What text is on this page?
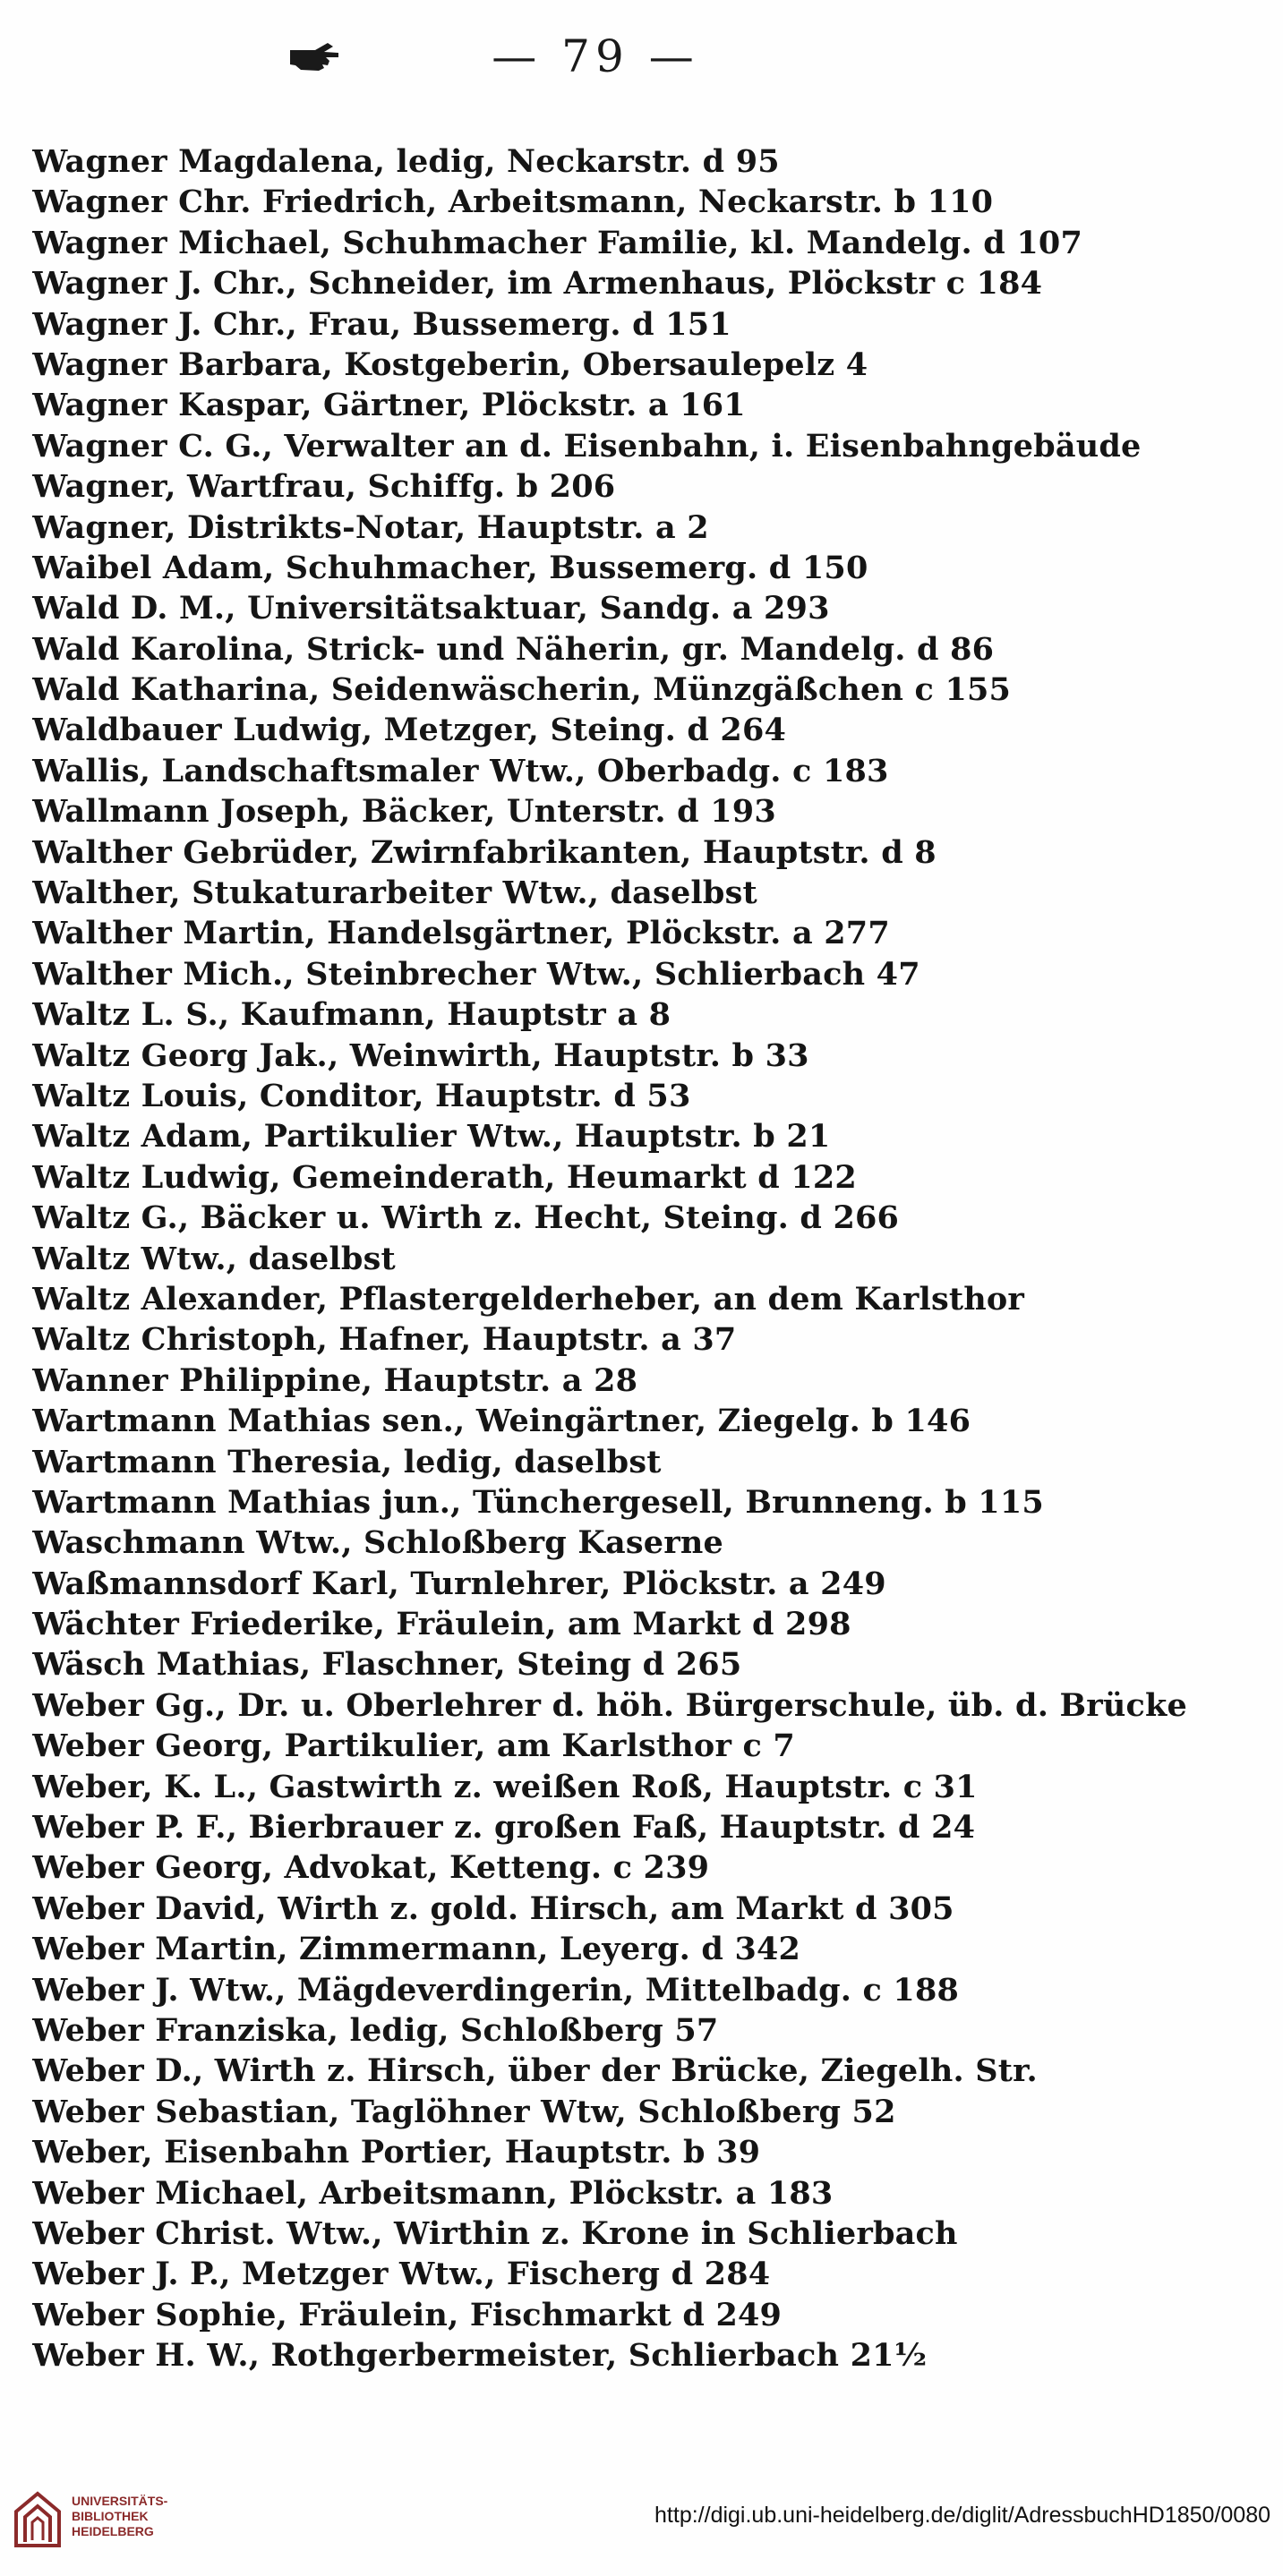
— 79 —
Wagner Magdalena, ledig, Neckarstr. d 95
Wagner Chr. Friedrich, Arbeitsmann, Neckarstr. b 110
Wagner Michael, Schuhmacher Familie, kl. Mandelg. d 107
Wagner J. Chr., Schneider, im Armenhaus, Plöckstr c 184
Wagner J. Chr., Frau, Bussemerg. d 151
Wagner Barbara, Kostgeberin, Obersaulepelz 4
Wagner Kaspar, Gärtner, Plöckstr. a 161
Wagner C. G., Verwalter an d. Eisenbahn, i. Eisenbahngebäude
Wagner, Wartfrau, Schiffg. b 206
Wagner, Distrikts-Notar, Hauptstr. a 2
Waibel Adam, Schuhmacher, Bussemerg. d 150
Wald D. M., Universitätsaktuar, Sandg. a 293
Wald Karolina, Strick- und Näherin, gr. Mandelg. d 86
Wald Katharina, Seidenwäscherin, Münzgäßchen c 155
Waldbauer Ludwig, Metzger, Steing. d 264
Wallis, Landschaftsmaler Wtw., Oberbadg. c 183
Wallmann Joseph, Bäcker, Unterstr. d 193
Walther Gebrüder, Zwirnfabrikanten, Hauptstr. d 8
Walther, Stukaturarbeiter Wtw., daselbst
Walther Martin, Handelsgärtner, Plöckstr. a 277
Walther Mich., Steinbrecher Wtw., Schlierbach 47
Waltz L. S., Kaufmann, Hauptstr a 8
Waltz Georg Jak., Weinwirth, Hauptstr. b 33
Waltz Louis, Conditor, Hauptstr. d 53
Waltz Adam, Partikulier Wtw., Hauptstr. b 21
Waltz Ludwig, Gemeinderath, Heumarkt d 122
Waltz G., Bäcker u. Wirth z. Hecht, Steing. d 266
Waltz Wtw., daselbst
Waltz Alexander, Pflastergelderheber, an dem Karlsthor
Waltz Christoph, Hafner, Hauptstr. a 37
Wanner Philippine, Hauptstr. a 28
Wartmann Mathias sen., Weingärtner, Ziegelg. b 146
Wartmann Theresia, ledig, daselbst
Wartmann Mathias jun., Tünchergesell, Brunneng. b 115
Waschmann Wtw., Schloßberg Kaserne
Waßmannsdorf Karl, Turnlehrer, Plöckstr. a 249
Wächter Friederike, Fräulein, am Markt d 298
Wäsch Mathias, Flaschner, Steing d 265
Weber Gg., Dr. u. Oberlehrer d. höh. Bürgerschule, üb. d. Brücke
Weber Georg, Partikulier, am Karlsthor c 7
Weber, K. L., Gastwirth z. weißen Roß, Hauptstr. c 31
Weber P. F., Bierbrauer z. großen Faß, Hauptstr. d 24
Weber Georg, Advokat, Ketteng. c 239
Weber David, Wirth z. gold. Hirsch, am Markt d 305
Weber Martin, Zimmermann, Leyerg. d 342
Weber J. Wtw., Mägdeverdingerin, Mittelbadg. c 188
Weber Franziska, ledig, Schloßberg 57
Weber D., Wirth z. Hirsch, über der Brücke, Ziegelh. Str.
Weber Sebastian, Taglöhner Wtw, Schloßberg 52
Weber, Eisenbahn Portier, Hauptstr. b 39
Weber Michael, Arbeitsmann, Plöckstr. a 183
Weber Christ. Wtw., Wirthin z. Krone in Schlierbach
Weber J. P., Metzger Wtw., Fischerg d 284
Weber Sophie, Fräulein, Fischmarkt d 249
Weber H. W., Rothgerbermeister, Schlierbach 21½
UNIVERSITÄTS-
BIBLIOTHEK
HEIDELBERG
http://digi.ub.uni-heidelberg.de/diglit/AdressbuchHD1850/0080
